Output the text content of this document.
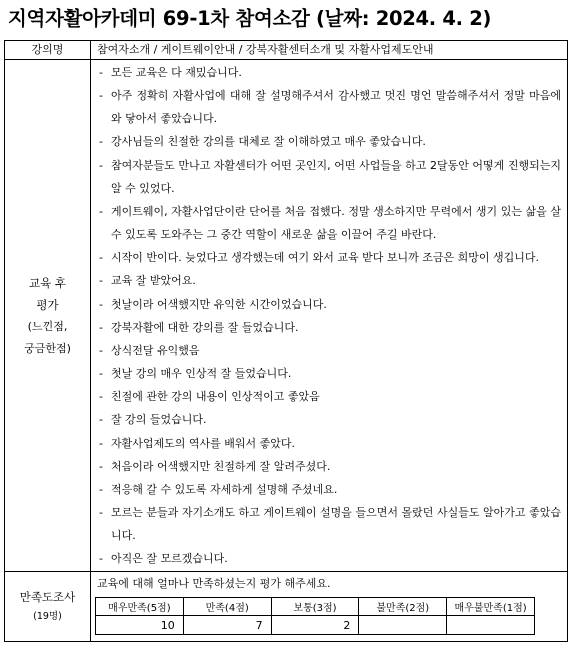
지역자활아카데미 69-1차 참여소감 (날짜: 2024. 4. 2)
강의명	참여자소개 / 게이트웨이안내 / 강북자활센터소개 및 자활사업제도안내

교육 후
평가
(느낀점,
궁금한점)

- 모든 교육은 다 재밌습니다.
- 아주 정확히 자활사업에 대해 잘 설명해주셔서 감사했고 멋진 명언 말씀해주셔서 정말 마음에 와 닿아서 좋았습니다.
- 강사님들의 친절한 강의를 대체로 잘 이해하였고 매우 좋았습니다.
- 참여자분들도 만나고 자활센터가 어떤 곳인지, 어떤 사업들을 하고 2달동안 어떻게 진행되는지 알 수 있었다.
- 게이트웨이, 자활사업단이란 단어를 처음 접했다. 정말 생소하지만 무력에서 생기 있는 삶을 살 수 있도록 도와주는 그 중간 역할이 새로운 삶을 이끌어 주길 바란다.
- 시작이 반이다. 늦었다고 생각했는데 여기 와서 교육 받다 보니까 조금은 희망이 생깁니다.
- 교육 잘 받았어요.
- 첫날이라 어색했지만 유익한 시간이었습니다.
- 강북자활에 대한 강의를 잘 들었습니다.
- 상식전달 유익했음
- 첫날 강의 매우 인상적 잘 들었습니다.
- 친절에 관한 강의 내용이 인상적이고 좋았음
- 잘 강의 들었습니다.
- 자활사업제도의 역사를 배워서 좋았다.
- 처음이라 어색했지만 친절하게 잘 알려주셨다.
- 적응해 갈 수 있도록 자세하게 설명해 주셨네요.
- 모르는 분들과 자기소개도 하고 게이트웨이 설명을 들으면서 몰랐던 사실들도 알아가고 좋았습니다.
- 아직은 잘 모르겠습니다.

만족도조사
(19명)

교육에 대해 얼마나 만족하셨는지 평가 해주세요.
매우만족(5점)	만족(4점)	보통(3점)	불만족(2점)	매우불만족(1점)
10	7	2		
